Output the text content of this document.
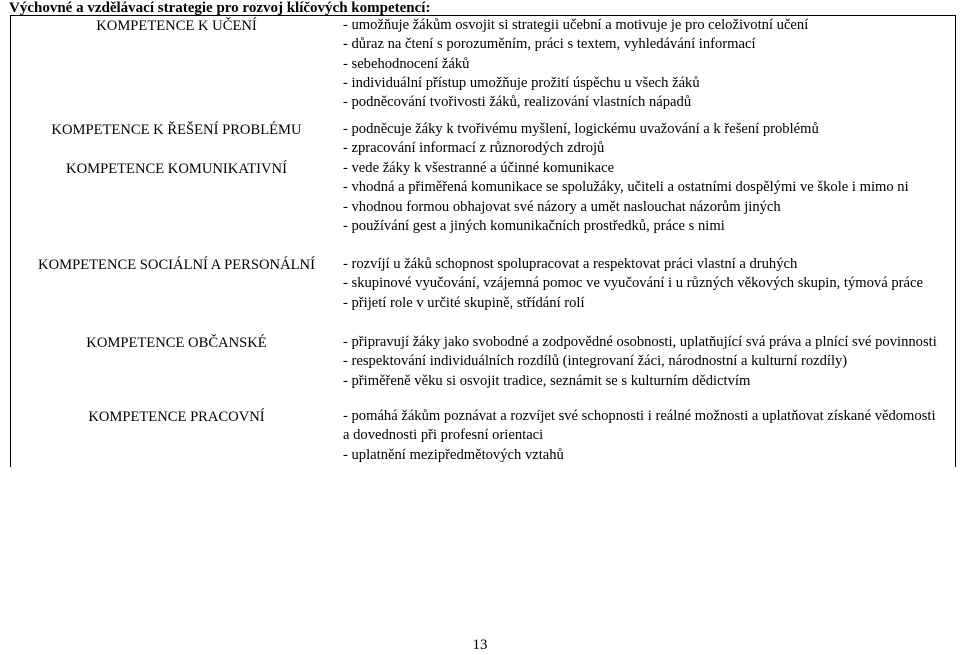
Výchovné a vzdělávací strategie pro rozvoj klíčových kompetencí:
KOMPETENCE K UČENÍ	- umožňuje žákům osvojit si strategii učební a motivuje je pro celoživotní učení
- důraz na čtení s porozuměním, práci s textem, vyhledávání informací
- sebehodnocení žáků
- individuální přístup umožňuje prožití úspěchu u všech žáků
- podněcování tvořivosti žáků, realizování vlastních nápadů
KOMPETENCE K ŘEŠENÍ PROBLÉMU	- podněcuje žáky k tvořivému myšlení, logickému uvažování a k řešení problémů
- zpracování informací z různorodých zdrojů
KOMPETENCE KOMUNIKATIVNÍ	- vede žáky k všestranné a účinné komunikace
- vhodná a přiměřená komunikace se spolužáky, učiteli a ostatními dospělými ve škole i mimo ni
- vhodnou formou obhajovat své názory a umět naslouchat názorům jiných
- používání gest a jiných komunikačních prostředků, práce s nimi
KOMPETENCE SOCIÁLNÍ A PERSONÁLNÍ	- rozvíjí u žáků schopnost spolupracovat a respektovat práci vlastní a druhých
- skupinové vyučování, vzájemná pomoc ve vyučování i u různých věkových skupin, týmová práce
- přijetí role v určité skupině, střídání rolí
KOMPETENCE OBČANSKÉ	- připravují žáky jako svobodné a zodpovědné osobnosti, uplatňující svá práva a plnící své povinnosti
- respektování individuálních rozdílů (integrovaní žáci, národnostní a kulturní rozdíly)
- přiměřeně věku si osvojit tradice, seznámit se s kulturním dědictvím
KOMPETENCE PRACOVNÍ	- pomáhá žákům poznávat a rozvíjet své schopnosti i reálné možnosti a uplatňovat získané vědomosti a dovednosti při profesní orientaci
- uplatnění mezipředmětových vztahů
13
